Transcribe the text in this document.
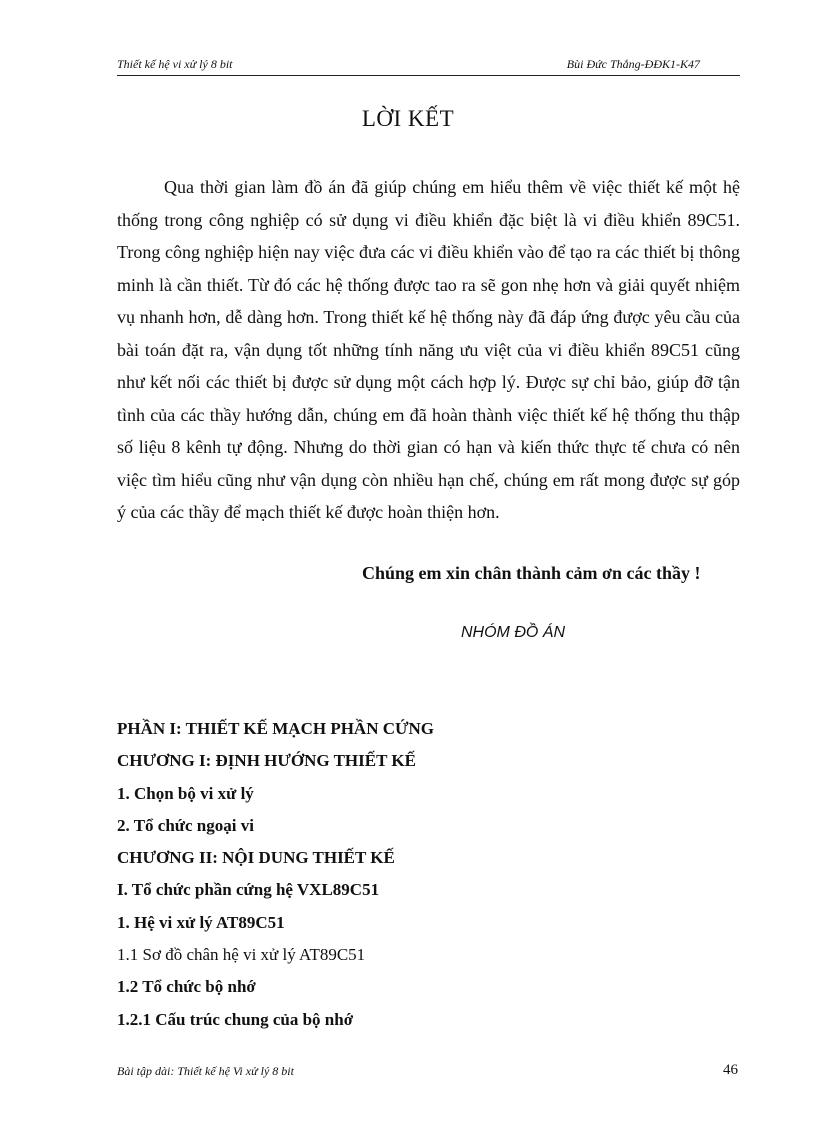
Thiết kế hệ vi xử lý 8 bit	Bùi Đức Thắng-ĐĐK1-K47
LỜI KẾT

Qua thời gian làm đồ án đã giúp chúng em hiểu thêm về việc thiết kế một hệ thống trong công nghiệp có sử dụng vi điều khiển đặc biệt là vi điều khiển 89C51. Trong công nghiệp hiện nay việc đưa các vi điều khiển vào để tạo ra các thiết bị thông minh là cần thiết. Từ đó các hệ thống được tao ra sẽ gon nhẹ hơn và giải quyết nhiệm vụ nhanh hơn, dễ dàng hơn. Trong thiết kế hệ thống này đã đáp ứng được yêu cầu của bài toán đặt ra, vận dụng tốt những tính năng ưu việt của vi điều khiển 89C51 cũng như kết nối các thiết bị được sử dụng một cách hợp lý. Được sự chỉ bảo, giúp đỡ tận tình của các thầy hướng dẫn, chúng em đã hoàn thành việc thiết kế hệ thống thu thập số liệu 8 kênh tự động. Nhưng do thời gian có hạn và kiến thức thực tế chưa có nên việc tìm hiểu cũng như vận dụng còn nhiều hạn chế, chúng em rất mong được sự góp ý của các thầy để mạch thiết kế được hoàn thiện hơn.

Chúng em xin chân thành cảm ơn các thầy !
NHÓM ĐỒ ÁN
PHẦN I: THIẾT KẾ MẠCH PHẦN CỨNG
CHƯƠNG I: ĐỊNH HƯỚNG THIẾT KẾ
1. Chọn bộ vi xử lý
2. Tổ chức ngoại vi
CHƯƠNG II: NỘI DUNG THIẾT KẾ
I. Tổ chức phần cứng hệ VXL89C51
1. Hệ vi xử lý AT89C51
1.1 Sơ đồ chân hệ vi xử lý AT89C51
1.2 Tổ chức bộ nhớ
1.2.1 Cấu trúc chung của bộ nhớ
Bài tập dài: Thiết kế hệ Vi xử lý 8 bit	46
